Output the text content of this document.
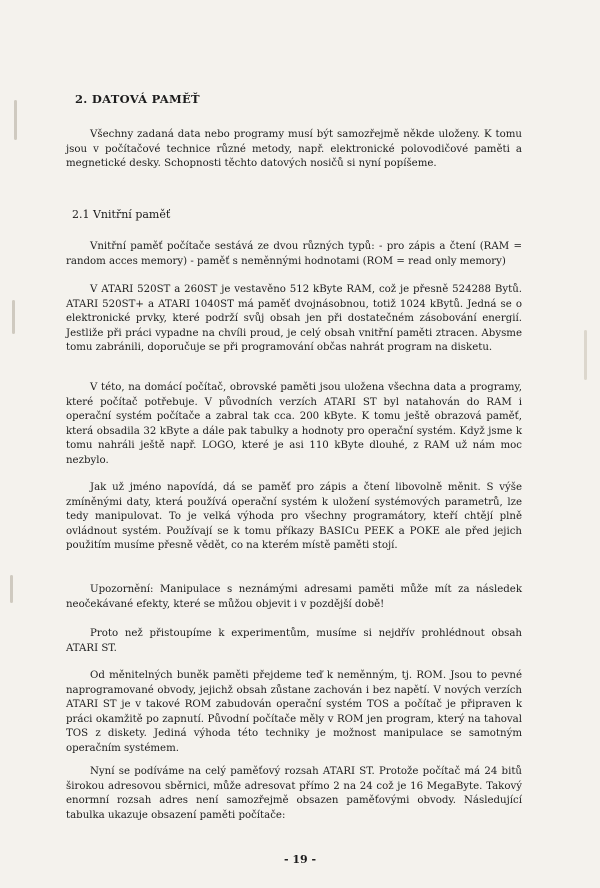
2. DATOVÁ PAMĚŤ

Všechny zadaná data nebo programy musí být samozřejmě někde uloženy. K tomu jsou v počítačové technice různé metody, např. elektronické polovodičové paměti a megnetické desky. Schopnosti těchto datových nosičů si nyní popíšeme.

2.1 Vnitřní paměť

Vnitřní paměť počítače sestává ze dvou různých typů: - pro zápis a čtení (RAM = random acces memory) - paměť s neměnnými hodnotami (ROM = read only memory)

V ATARI 520ST a 260ST je vestavěno 512 kByte RAM, což je přesně 524288 Bytů. ATARI 520ST+ a ATARI 1040ST má paměť dvojnásobnou, totiž 1024 kBytů. Jedná se o elektronické prvky, které podrží svůj obsah jen při dostatečném zásobování energií. Jestliže při práci vypadne na chvíli proud, je celý obsah vnitřní paměti ztracen. Abysme tomu zabránili, doporučuje se při programování občas nahrát program na disketu.

V této, na domácí počítač, obrovské paměti jsou uložena všechna data a programy, které počítač potřebuje. V původních verzích ATARI ST byl natahován do RAM i operační systém počítače a zabral tak cca. 200 kByte. K tomu ještě obrazová paměť, která obsadila 32 kByte a dále pak tabulky a hodnoty pro operační systém. Když jsme k tomu nahráli ještě např. LOGO, které je asi 110 kByte dlouhé, z RAM už nám moc nezbylo.

Jak už jméno napovídá, dá se paměť pro zápis a čtení libovolně měnit. S výše zmíněnými daty, která používá operační systém k uložení systémových parametrů, lze tedy manipulovat. To je velká výhoda pro všechny programátory, kteří chtějí plně ovládnout systém. Používají se k tomu příkazy BASICu PEEK a POKE ale před jejich použitím musíme přesně vědět, co na kterém místě paměti stojí.

Upozornění: Manipulace s neznámými adresami paměti může mít za následek neočekávané efekty, které se můžou objevit i v pozdější době!

Proto než přistoupíme k experimentům, musíme si nejdřív prohlédnout obsah ATARI ST.

Od měnitelných buněk paměti přejdeme teď k neměnným, tj. ROM. Jsou to pevné naprogramované obvody, jejichž obsah zůstane zachován i bez napětí. V nových verzích ATARI ST je v takové ROM zabudován operační systém TOS a počítač je připraven k práci okamžitě po zapnutí. Původní počítače měly v ROM jen program, který na tahoval TOS z diskety. Jediná výhoda této techniky je možnost manipulace se samotným operačním systémem.

Nyní se podíváme na celý paměťový rozsah ATARI ST. Protože počítač má 24 bitů širokou adresovou sběrnici, může adresovat přímo 2 na 24 což je 16 MegaByte. Takový enormní rozsah adres není samozřejmě obsazen paměťovými obvody. Následující tabulka ukazuje obsazení paměti počítače:

- 19 -
